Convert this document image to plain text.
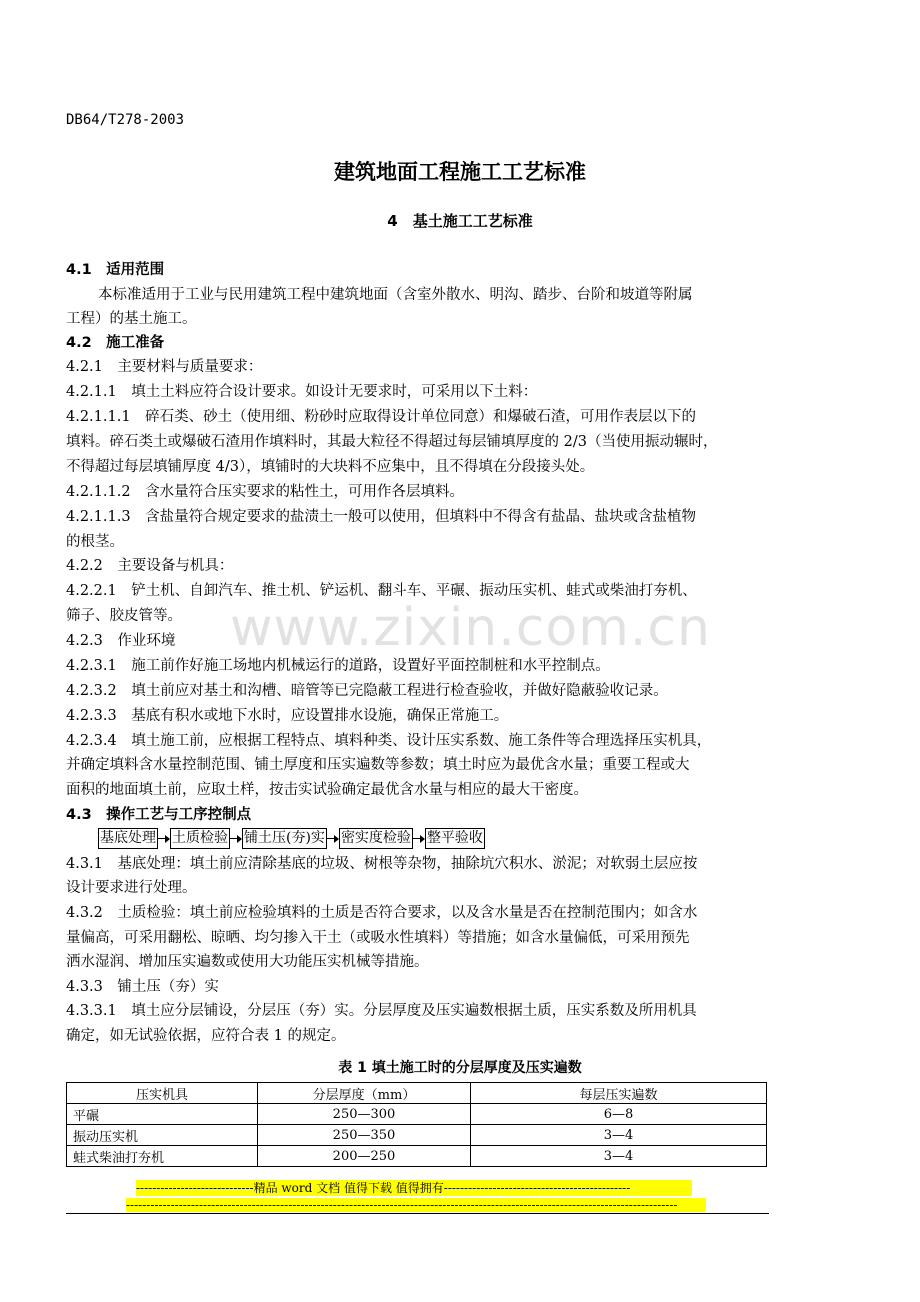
DB64/T278-2003
建筑地面工程施工工艺标准
4　基土施工工艺标准
www.zixin.com.cn
4.1　适用范围
本标准适用于工业与民用建筑工程中建筑地面（含室外散水、明沟、踏步、台阶和坡道等附属
工程）的基土施工。
4.2　施工准备
4.2.1　主要材料与质量要求：
4.2.1.1　填土土料应符合设计要求。如设计无要求时，可采用以下土料：
4.2.1.1.1　碎石类、砂土（使用细、粉砂时应取得设计单位同意）和爆破石渣，可用作表层以下的
填料。碎石类土或爆破石渣用作填料时，其最大粒径不得超过每层铺填厚度的 2/3（当使用振动辗时，
不得超过每层填铺厚度 4/3），填铺时的大块料不应集中，且不得填在分段接头处。
4.2.1.1.2　含水量符合压实要求的粘性土，可用作各层填料。
4.2.1.1.3　含盐量符合规定要求的盐渍土一般可以使用，但填料中不得含有盐晶、盐块或含盐植物
的根茎。
4.2.2　主要设备与机具：
4.2.2.1　铲土机、自卸汽车、推土机、铲运机、翻斗车、平碾、振动压实机、蛙式或柴油打夯机、
筛子、胶皮管等。
4.2.3　作业环境
4.2.3.1　施工前作好施工场地内机械运行的道路，设置好平面控制桩和水平控制点。
4.2.3.2　填土前应对基土和沟槽、暗管等已完隐蔽工程进行检查验收，并做好隐蔽验收记录。
4.2.3.3　基底有积水或地下水时，应设置排水设施，确保正常施工。
4.2.3.4　填土施工前，应根据工程特点、填料种类、设计压实系数、施工条件等合理选择压实机具，
并确定填料含水量控制范围、铺土厚度和压实遍数等参数；填土时应为最优含水量；重要工程或大
面积的地面填土前，应取土样，按击实试验确定最优含水量与相应的最大干密度。
4.3　操作工艺与工序控制点
基底处理 土质检验 铺土压(夯)实 密实度检验 整平验收
4.3.1　基底处理：填土前应清除基底的垃圾、树根等杂物，抽除坑穴积水、淤泥；对软弱土层应按
设计要求进行处理。
4.3.2　土质检验：填土前应检验填料的土质是否符合要求，以及含水量是否在控制范围内；如含水
量偏高，可采用翻松、晾晒、均匀掺入干土（或吸水性填料）等措施；如含水量偏低，可采用预先
洒水湿润、增加压实遍数或使用大功能压实机械等措施。
4.3.3　铺土压（夯）实
4.3.3.1　填土应分层铺设，分层压（夯）实。分层厚度及压实遍数根据土质，压实系数及所用机具
确定，如无试验依据，应符合表 1 的规定。
表 1 填土施工时的分层厚度及压实遍数
压实机具	分层厚度（mm）	每层压实遍数
平碾	250—300	6—8
振动压实机	250—350	3—4
蛙式柴油打夯机	200—250	3—4
-----------------------------精品 word 文档 值得下载 值得拥有----------------------------------------------
----------------------------------------------------------------------------------------------------------------------------------------
